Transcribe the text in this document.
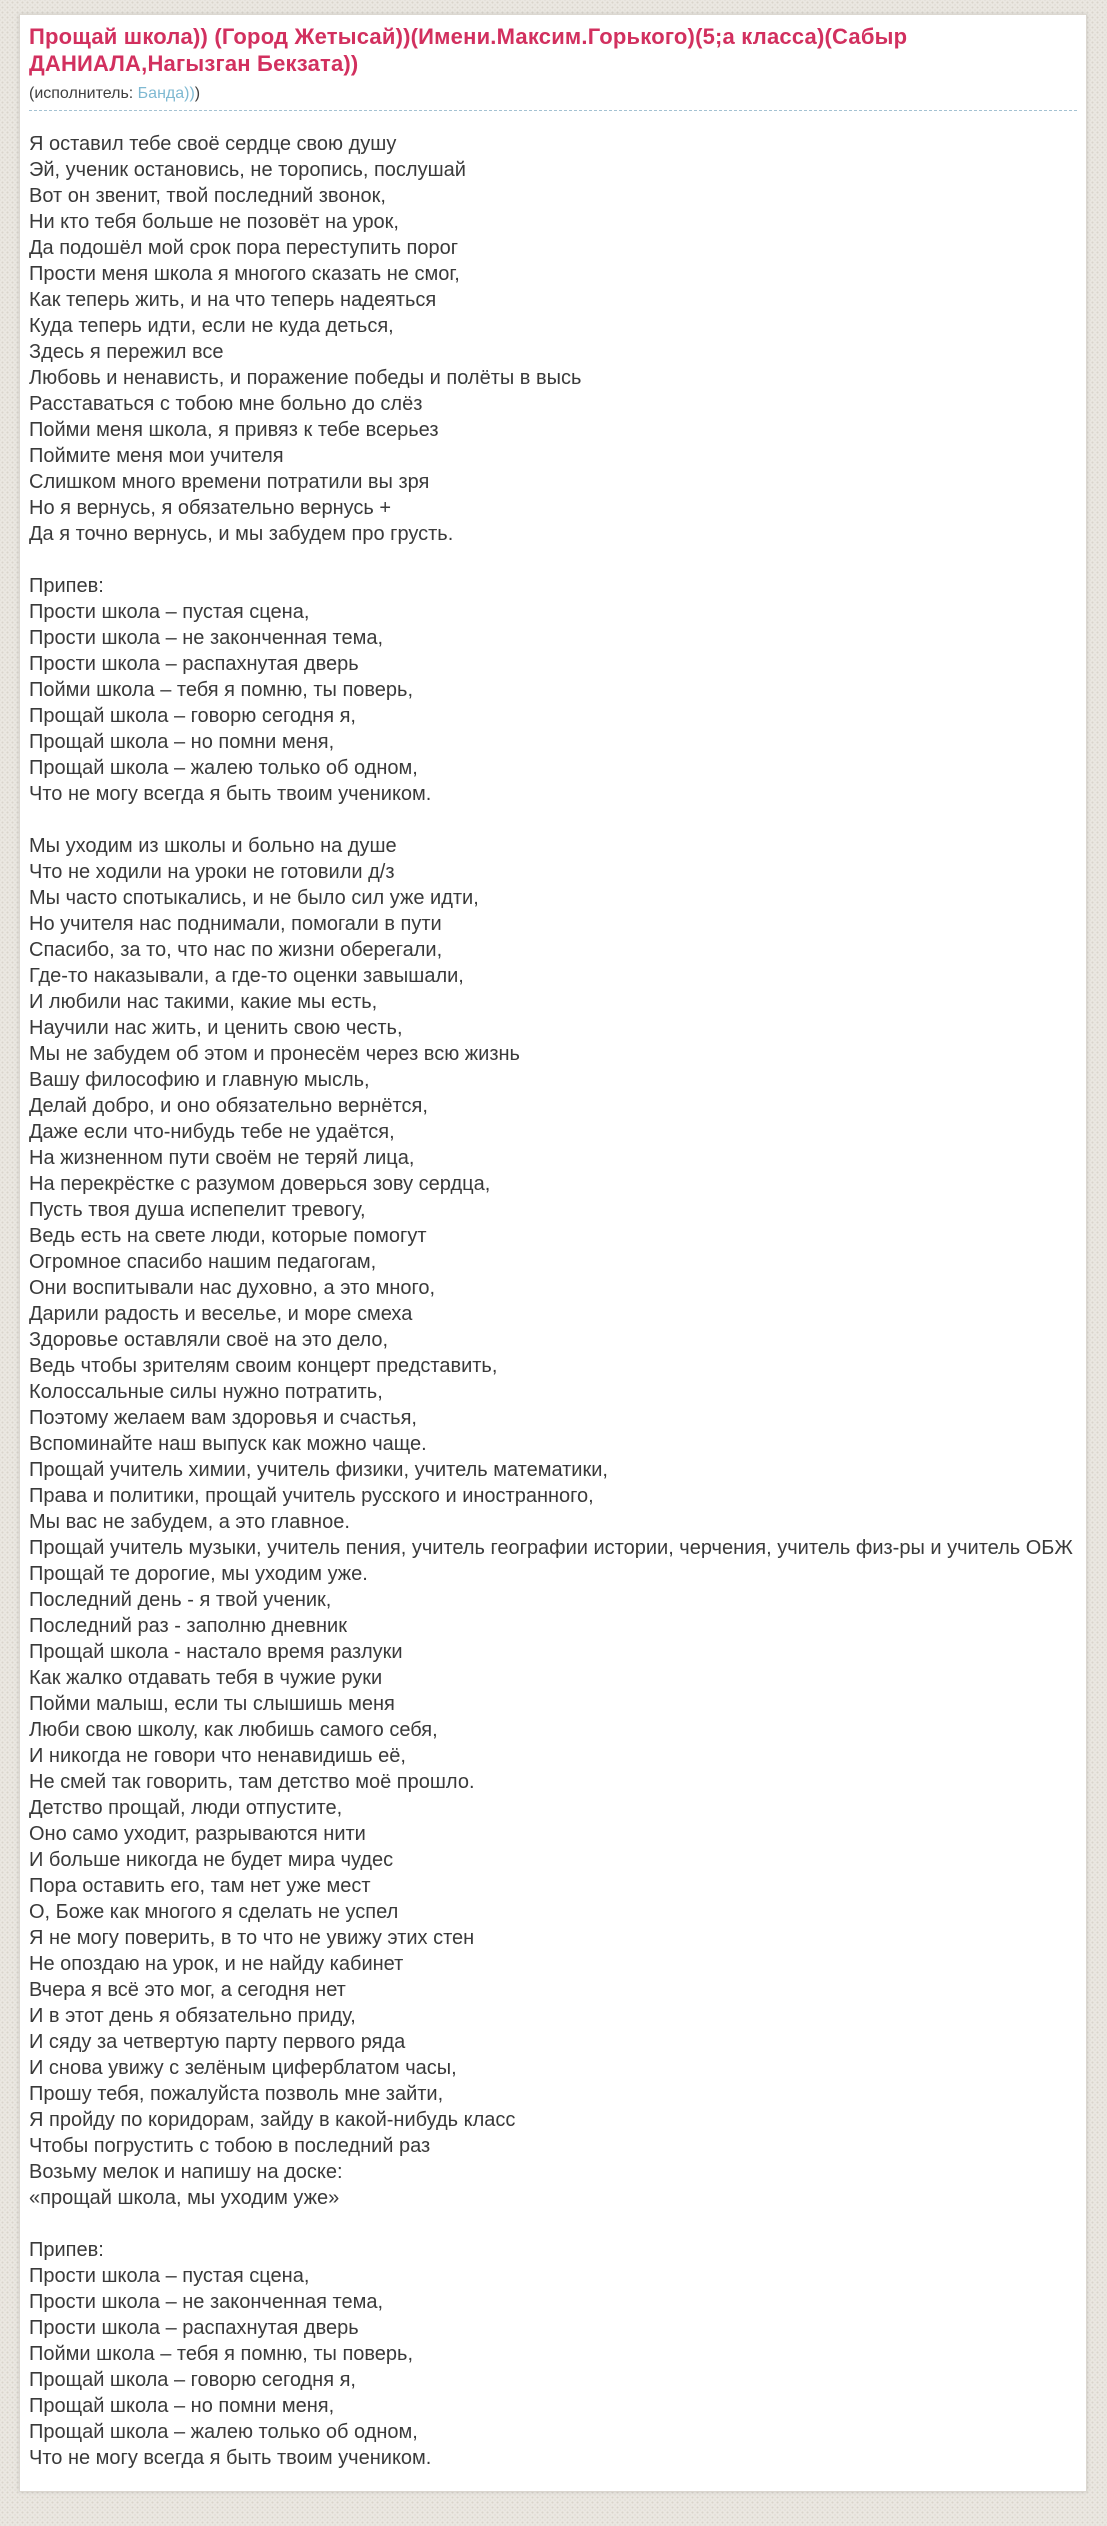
Прощай школа)) (Город Жетысай))(Имени.Максим.Горького)(5;а класса)(Сабыр ДАНИАЛА,Нагызган Бекзата))
(исполнитель: Банда)))
Я оставил тебе своё сердце свою душу
Эй, ученик остановись, не торопись, послушай
Вот он звенит, твой последний звонок,
Ни кто тебя больше не позовёт на урок,
Да подошёл мой срок пора переступить порог
Прости меня школа я многого сказать не смог,
Как теперь жить, и на что теперь надеяться
Куда теперь идти, если не куда деться,
Здесь я пережил все
Любовь и ненависть, и поражение победы и полёты в высь
Расставаться с тобою мне больно до слёз
Пойми меня школа, я привяз к тебе всерьез
Поймите меня мои учителя
Слишком много времени потратили вы зря
Но я вернусь, я обязательно вернусь +
Да я точно вернусь, и мы забудем про грусть.
Припев:
Прости школа – пустая сцена,
Прости школа – не законченная тема,
Прости школа – распахнутая дверь
Пойми школа – тебя я помню, ты поверь,
Прощай школа – говорю сегодня я,
Прощай школа – но помни меня,
Прощай школа – жалею только об одном,
Что не могу всегда я быть твоим учеником.
Мы уходим из школы и больно на душе
Что не ходили на уроки не готовили д/з
Мы часто спотыкались, и не было сил уже идти,
Но учителя нас поднимали, помогали в пути
Спасибо, за то, что нас по жизни оберегали,
Где-то наказывали, а где-то оценки завышали,
И любили нас такими, какие мы есть,
Научили нас жить, и ценить свою честь,
Мы не забудем об этом и пронесём через всю жизнь
Вашу философию и главную мысль,
Делай добро, и оно обязательно вернётся,
Даже если что-нибудь тебе не удаётся,
На жизненном пути своём не теряй лица,
На перекрёстке с разумом доверься зову сердца,
Пусть твоя душа испепелит тревогу,
Ведь есть на свете люди, которые помогут
Огромное спасибо нашим педагогам,
Они воспитывали нас духовно, а это много,
Дарили радость и веселье, и море смеха
Здоровье оставляли своё на это дело,
Ведь чтобы зрителям своим концерт представить,
Колоссальные силы нужно потратить,
Поэтому желаем вам здоровья и счастья,
Вспоминайте наш выпуск как можно чаще.
Прощай учитель химии, учитель физики, учитель математики,
Права и политики, прощай учитель русского и иностранного,
Мы вас не забудем, а это главное.
Прощай учитель музыки, учитель пения, учитель географии истории, черчения, учитель физ-ры и учитель ОБЖ
Прощай те дорогие, мы уходим уже.
Последний день - я твой ученик,
Последний раз - заполню дневник
Прощай школа - настало время разлуки
Как жалко отдавать тебя в чужие руки
Пойми малыш, если ты слышишь меня
Люби свою школу, как любишь самого себя,
И никогда не говори что ненавидишь её,
Не смей так говорить, там детство моё прошло.
Детство прощай, люди отпустите,
Оно само уходит, разрываются нити
И больше никогда не будет мира чудес
Пора оставить его, там нет уже мест
О, Боже как многого я сделать не успел
Я не могу поверить, в то что не увижу этих стен
Не опоздаю на урок, и не найду кабинет
Вчера я всё это мог, а сегодня нет
И в этот день я обязательно приду,
И сяду за четвертую парту первого ряда
И снова увижу с зелёным циферблатом часы,
Прошу тебя, пожалуйста позволь мне зайти,
Я пройду по коридорам, зайду в какой-нибудь класс
Чтобы погрустить с тобою в последний раз
Возьму мелок и напишу на доске:
«прощай школа, мы уходим уже»
Припев:
Прости школа – пустая сцена,
Прости школа – не законченная тема,
Прости школа – распахнутая дверь
Пойми школа – тебя я помню, ты поверь,
Прощай школа – говорю сегодня я,
Прощай школа – но помни меня,
Прощай школа – жалею только об одном,
Что не могу всегда я быть твоим учеником.
